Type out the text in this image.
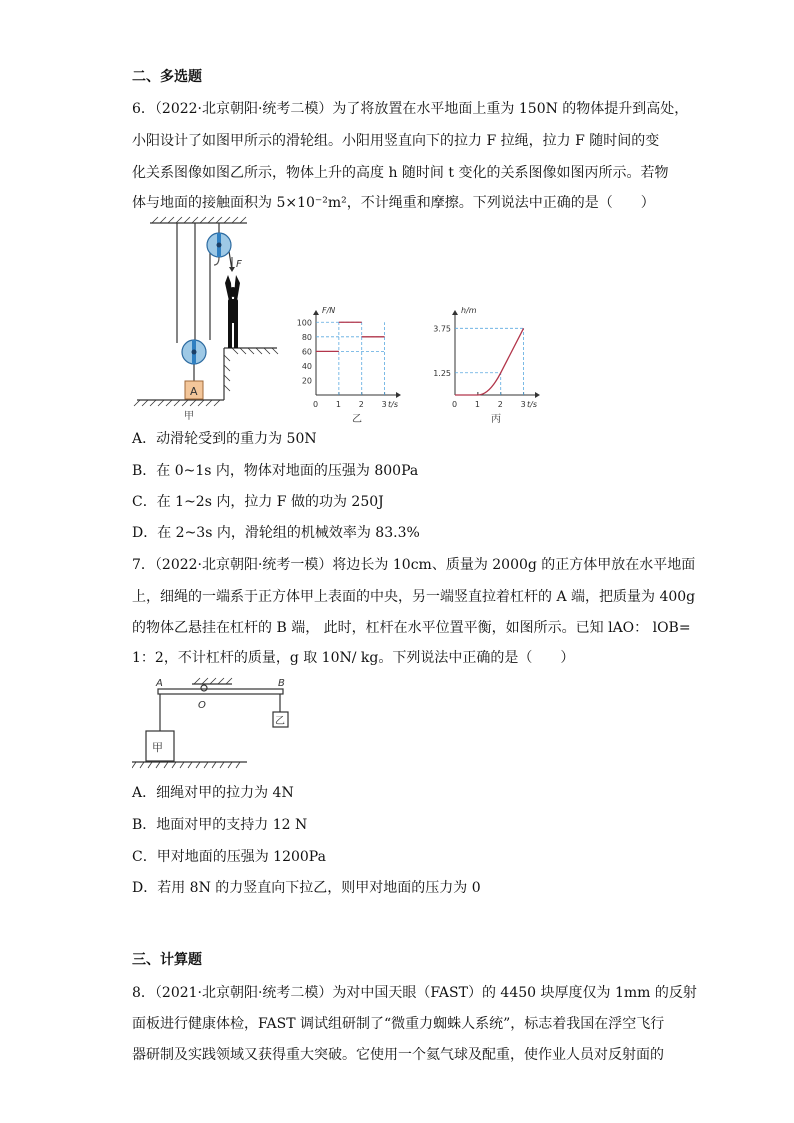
二、多选题
6．（2022·北京朝阳·统考二模）为了将放置在水平地面上重为 150N 的物体提升到高处，
小阳设计了如图甲所示的滑轮组。小阳用竖直向下的拉力 F 拉绳，拉力 F 随时间的变
化关系图像如图乙所示，物体上升的高度 h 随时间 t 变化的关系图像如图丙所示。若物
体与地面的接触面积为 5×10⁻²m²，不计绳重和摩擦。下列说法中正确的是（　　）
A
F
甲
0 1 2 3
20
40
60
80
100
F/N
t/s
乙
0 1 2 3
1.25
3.75
h/m
t/s
丙
A．动滑轮受到的重力为 50N
B．在 0~1s 内，物体对地面的压强为 800Pa
C．在 1~2s 内，拉力 F 做的功为 250J
D．在 2~3s 内，滑轮组的机械效率为 83.3%
7．（2022·北京朝阳·统考一模）将边长为 10cm、质量为 2000g 的正方体甲放在水平地面
上，细绳的一端系于正方体甲上表面的中央，另一端竖直拉着杠杆的 A 端，把质量为 400g
的物体乙悬挂在杠杆的 B 端， 此时，杠杆在水平位置平衡，如图所示。已知 lAO： lOB=
1：2，不计杠杆的质量，g 取 10N/ kg。下列说法中正确的是（　　）
A
O
B
甲
乙
A．细绳对甲的拉力为 4N
B．地面对甲的支持力 12 N
C．甲对地面的压强为 1200Pa
D．若用 8N 的力竖直向下拉乙，则甲对地面的压力为 0
三、计算题
8．（2021·北京朝阳·统考二模）为对中国天眼（FAST）的 4450 块厚度仅为 1mm 的反射
面板进行健康体检，FAST 调试组研制了“微重力蜘蛛人系统”，标志着我国在浮空飞行
器研制及实践领域又获得重大突破。它使用一个氦气球及配重，使作业人员对反射面的
